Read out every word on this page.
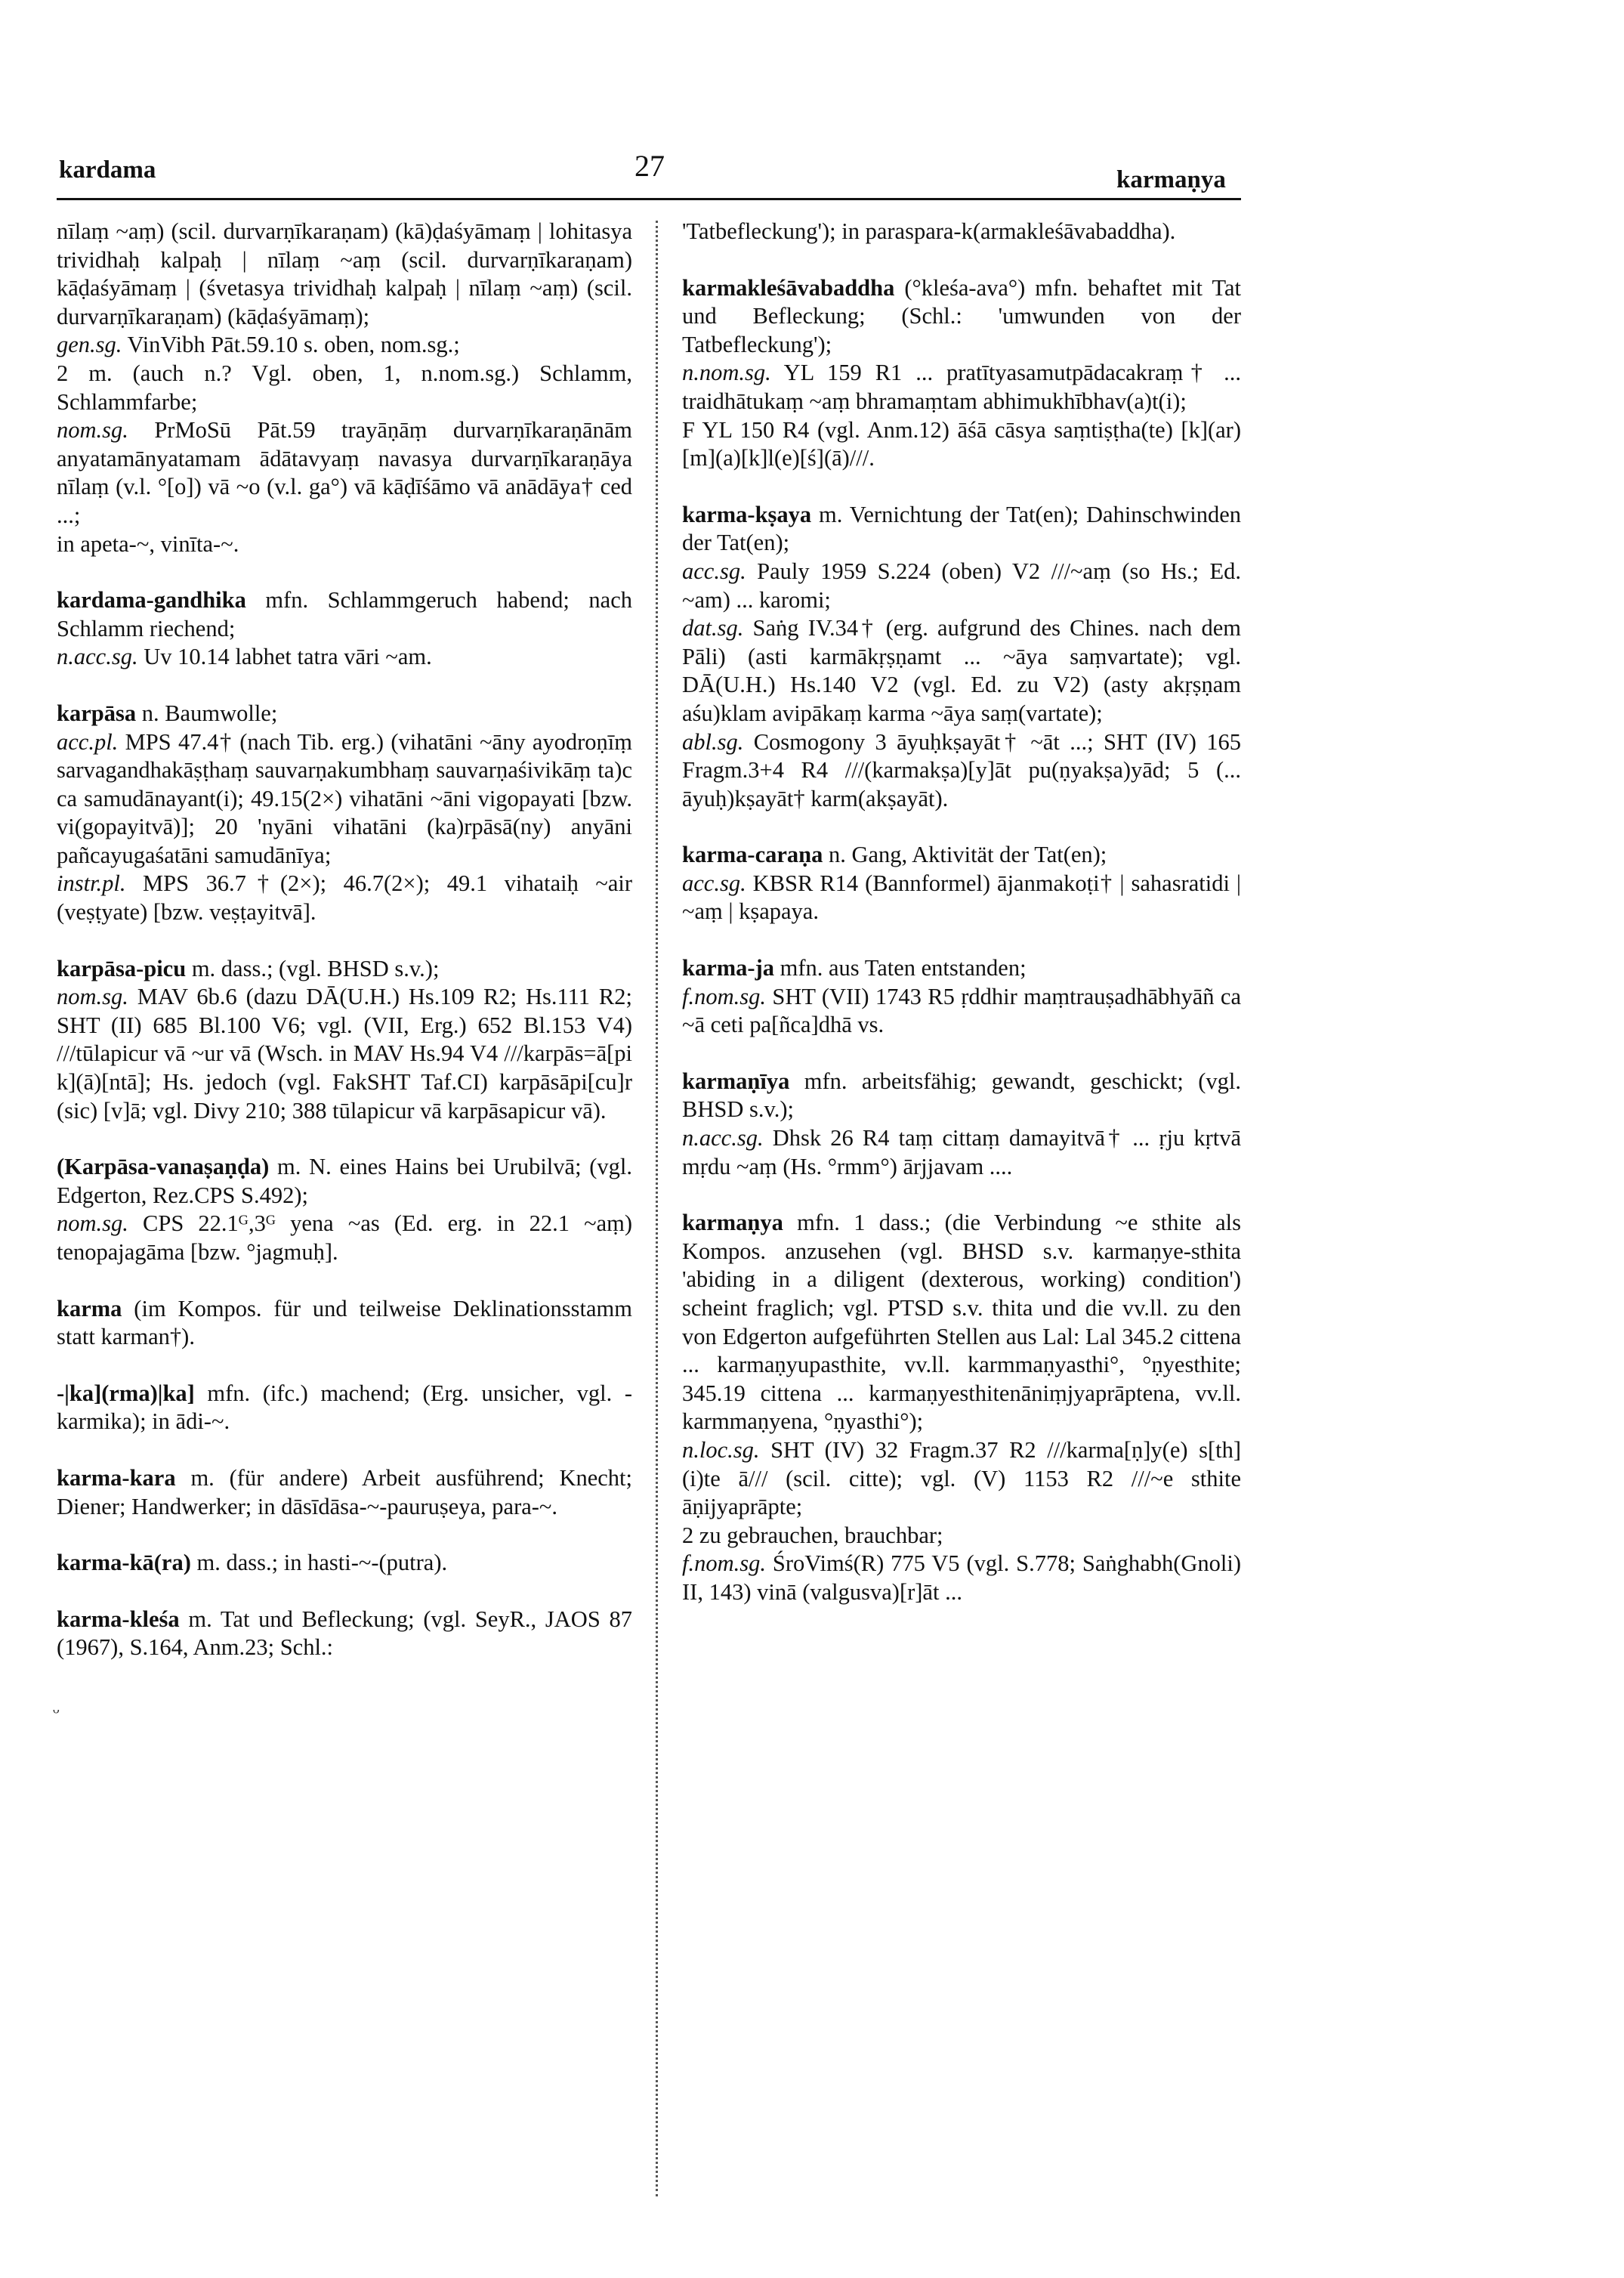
kardama	27	karmaṇya
ᵕ

nīlaṃ ~aṃ) (scil. durvarṇīkaraṇam) (kā)ḍaśyāmaṃ | lohitasya trividhaḥ kalpaḥ | nīlaṃ ~aṃ (scil. durvarṇīkaraṇam) kāḍaśyāmaṃ | (śvetasya trividhaḥ kalpaḥ | nīlaṃ ~aṃ) (scil. durvarṇīkaraṇam) (kāḍaśyāmaṃ);

gen.sg. VinVibh Pāt.59.10 s. oben, nom.sg.;

2 m. (auch n.? Vgl. oben, 1, n.nom.sg.) Schlamm, Schlammfarbe;

nom.sg. PrMoSū Pāt.59 trayāṇāṃ durvarṇīkaraṇānām anyatamānyatamam ādātavyaṃ navasya durvarṇīkaraṇāya nīlaṃ (v.l. °[o]) vā ~o (v.l. ga°) vā kāḍīśāmo vā anādāya† ced ...;

in apeta-~, vinīta-~.

kardama-gandhika mfn. Schlammgeruch habend; nach Schlamm riechend;

n.acc.sg. Uv 10.14 labhet tatra vāri ~am.

karpāsa n. Baumwolle;

acc.pl. MPS 47.4† (nach Tib. erg.) (vihatāni ~āny ayodroṇīṃ sarvagandhakāṣṭhaṃ sauvarṇakumbhaṃ sauvarṇaśivikāṃ ta)c ca samudānayant(i); 49.15(2×) vihatāni ~āni vigopayati [bzw. vi(gopayitvā)]; 20 'nyāni vihatāni (ka)rpāsā(ny) anyāni pañcayugaśatāni samudānīya;

instr.pl. MPS 36.7†(2×); 46.7(2×); 49.1 vihataiḥ ~air (veṣṭyate) [bzw. veṣṭayitvā].

karpāsa-picu m. dass.; (vgl. BHSD s.v.);

nom.sg. MAV 6b.6 (dazu DĀ(U.H.) Hs.109 R2; Hs.111 R2; SHT (II) 685 Bl.100 V6; vgl. (VII, Erg.) 652 Bl.153 V4) ///tūlapicur vā ~ur vā (Wsch. in MAV Hs.94 V4 ///karpās=ā[pi k](ā)[ntā]; Hs. jedoch (vgl. FakSHT Taf.CI) karpāsāpi[cu]r (sic) [v]ā; vgl. Divy 210; 388 tūlapicur vā karpāsapicur vā).

(Karpāsa-vanaṣaṇḍa) m. N. eines Hains bei Urubilvā; (vgl. Edgerton, Rez.CPS S.492);

nom.sg. CPS 22.1ᴳ,3ᴳ yena ~as (Ed. erg. in 22.1 ~aṃ) tenopajagāma [bzw. °jagmuḥ].

karma (im Kompos. für und teilweise Deklinationsstamm statt karman†).

-|ka](rma)|ka] mfn. (ifc.) machend; (Erg. unsicher, vgl. -karmika); in ādi-~.

karma-kara m. (für andere) Arbeit ausführend; Knecht; Diener; Handwerker; in dāsīdāsa-~-pauruṣeya, para-~.

karma-kā(ra) m. dass.; in hasti-~-(putra).

karma-kleśa m. Tat und Befleckung; (vgl. SeyR., JAOS 87 (1967), S.164, Anm.23; Schl.:

'Tatbefleckung'); in paraspara-k(armakleśāvabaddha).

karmakleśāvabaddha (°kleśa-ava°) mfn. behaftet mit Tat und Befleckung; (Schl.: 'umwunden von der Tatbefleckung');

n.nom.sg. YL 159 R1 ... pratītyasamutpādacakraṃ† ... traidhātukaṃ ~aṃ bhramaṃtam abhimukhībhav(a)t(i);

F YL 150 R4 (vgl. Anm.12) āśā cāsya saṃtiṣṭha(te) [k](ar)[m](a)[k]l(e)[ś](ā)///.

karma-kṣaya m. Vernichtung der Tat(en); Dahinschwinden der Tat(en);

acc.sg. Pauly 1959 S.224 (oben) V2 ///~aṃ (so Hs.; Ed. ~am) ... karomi;

dat.sg. Saṅg IV.34† (erg. aufgrund des Chines. nach dem Pāli) (asti karmākṛṣṇamt ... ~āya saṃvartate); vgl. DĀ(U.H.) Hs.140 V2 (vgl. Ed. zu V2) (asty akṛṣṇam aśu)klam avipākaṃ karma ~āya saṃ(vartate);

abl.sg. Cosmogony 3 āyuḥkṣayāt† ~āt ...; SHT (IV) 165 Fragm.3+4 R4 ///(karmakṣa)[y]āt pu(ṇyakṣa)yād; 5 (... āyuḥ)kṣayāt† karm(akṣayāt).

karma-caraṇa n. Gang, Aktivität der Tat(en);

acc.sg. KBSR R14 (Bannformel) ājanmakoṭi† | sahasratidi | ~aṃ | kṣapaya.

karma-ja mfn. aus Taten entstanden;

f.nom.sg. SHT (VII) 1743 R5 ṛddhir maṃtrauṣadhābhyāñ ca ~ā ceti pa[ñca]dhā vs.

karmaṇīya mfn. arbeitsfähig; gewandt, geschickt; (vgl. BHSD s.v.);

n.acc.sg. Dhsk 26 R4 taṃ cittaṃ damayitvā† ... ṛju kṛtvā mṛdu ~aṃ (Hs. °rmm°) ārjjavam ....

karmaṇya mfn. 1 dass.; (die Verbindung ~e sthite als Kompos. anzusehen (vgl. BHSD s.v. karmaṇye-sthita 'abiding in a diligent (dexterous, working) condition') scheint fraglich; vgl. PTSD s.v. thita und die vv.ll. zu den von Edgerton aufgeführten Stellen aus Lal: Lal 345.2 cittena ... karmaṇyupasthite, vv.ll. karmmaṇyasthi°, °ṇyesthite; 345.19 cittena ... karmaṇyesthitenāniṃjyaprāptena, vv.ll. karmmaṇyena, °ṇyasthi°);

n.loc.sg. SHT (IV) 32 Fragm.37 R2 ///karma[ṇ]y(e) s[th](i)te ā/// (scil. citte); vgl. (V) 1153 R2 ///~e sthite āṇijyaprāpte;

2 zu gebrauchen, brauchbar;

f.nom.sg. ŚroVimś(R) 775 V5 (vgl. S.778; Saṅghabh(Gnoli) II, 143) vinā (valgusva)[r]āt ...
